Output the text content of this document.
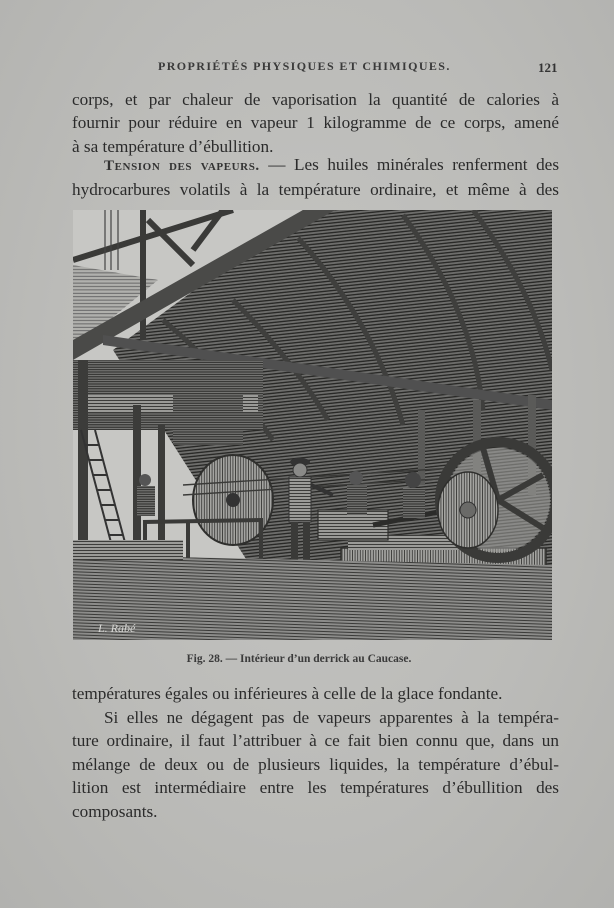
PROPRIÉTÉS PHYSIQUES ET CHIMIQUES.	121
corps, et par chaleur de vaporisation la quantité de calories à
fournir pour réduire en vapeur 1 kilogramme de ce corps, amené
à sa température d’ébullition.
Tension des vapeurs. — Les huiles minérales renferment des
hydrocarbures volatils à la température ordinaire, et même à des
L. Rabé
Fig. 28. — Intérieur d’un derrick au Caucase.
températures égales ou inférieures à celle de la glace fondante.
Si elles ne dégagent pas de vapeurs apparentes à la tempéra-
ture ordinaire, il faut l’attribuer à ce fait bien connu que, dans un
mélange de deux ou de plusieurs liquides, la température d’ébul-
lition est intermédiaire entre les températures d’ébullition des
composants.
